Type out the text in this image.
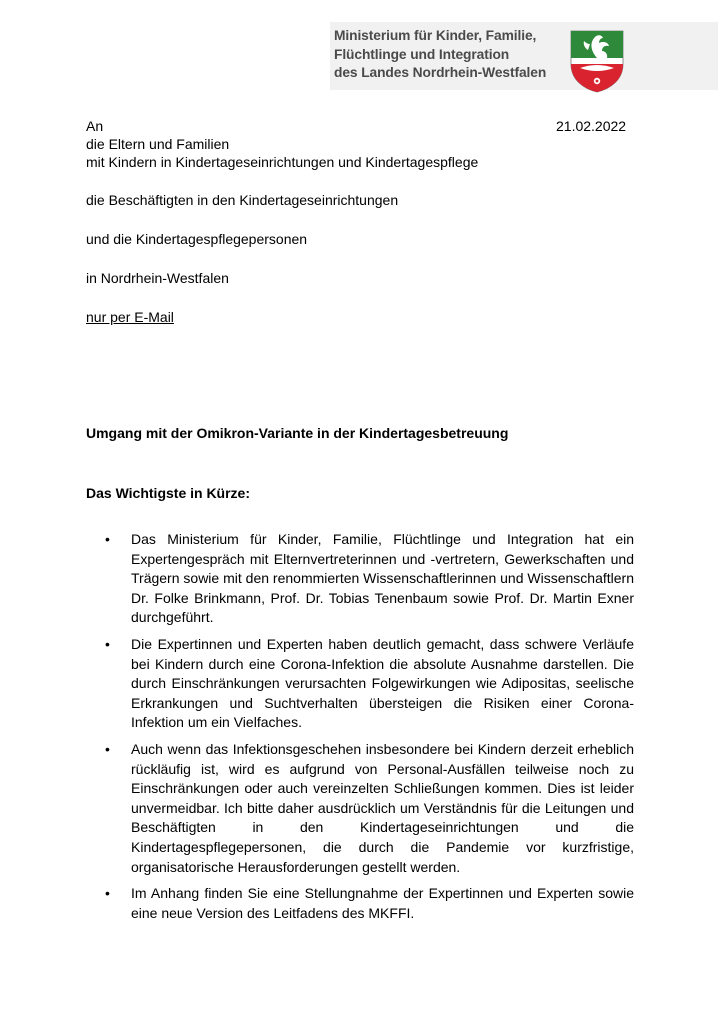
Ministerium für Kinder, Familie,
Flüchtlinge und Integration
des Landes Nordrhein-Westfalen
21.02.2022
An
die Eltern und Familien
mit Kindern in Kindertageseinrichtungen und Kindertagespflege
die Beschäftigten in den Kindertageseinrichtungen
und die Kindertagespflegepersonen
in Nordrhein-Westfalen
nur per E-Mail
Umgang mit der Omikron-Variante in der Kindertagesbetreuung
Das Wichtigste in Kürze:
• Das Ministerium für Kinder, Familie, Flüchtlinge und Integration hat ein Expertengespräch mit Elternvertreterinnen und -vertretern, Gewerkschaften und Trägern sowie mit den renommierten Wissenschaftlerinnen und Wissenschaftlern Dr. Folke Brinkmann, Prof. Dr. Tobias Tenenbaum sowie Prof. Dr. Martin Exner durchgeführt.
• Die Expertinnen und Experten haben deutlich gemacht, dass schwere Verläufe bei Kindern durch eine Corona-Infektion die absolute Ausnahme darstellen. Die durch Einschränkungen verursachten Folgewirkungen wie Adipositas, seelische Erkrankungen und Suchtverhalten übersteigen die Risiken einer Corona-Infektion um ein Vielfaches.
• Auch wenn das Infektionsgeschehen insbesondere bei Kindern derzeit erheblich rückläufig ist, wird es aufgrund von Personal-Ausfällen teilweise noch zu Einschränkungen oder auch vereinzelten Schließungen kommen. Dies ist leider unvermeidbar. Ich bitte daher ausdrücklich um Verständnis für die Leitungen und Beschäftigten in den Kindertageseinrichtungen und die Kindertagespflegepersonen, die durch die Pandemie vor kurzfristige, organisatorische Herausforderungen gestellt werden.
• Im Anhang finden Sie eine Stellungnahme der Expertinnen und Experten sowie eine neue Version des Leitfadens des MKFFI.
